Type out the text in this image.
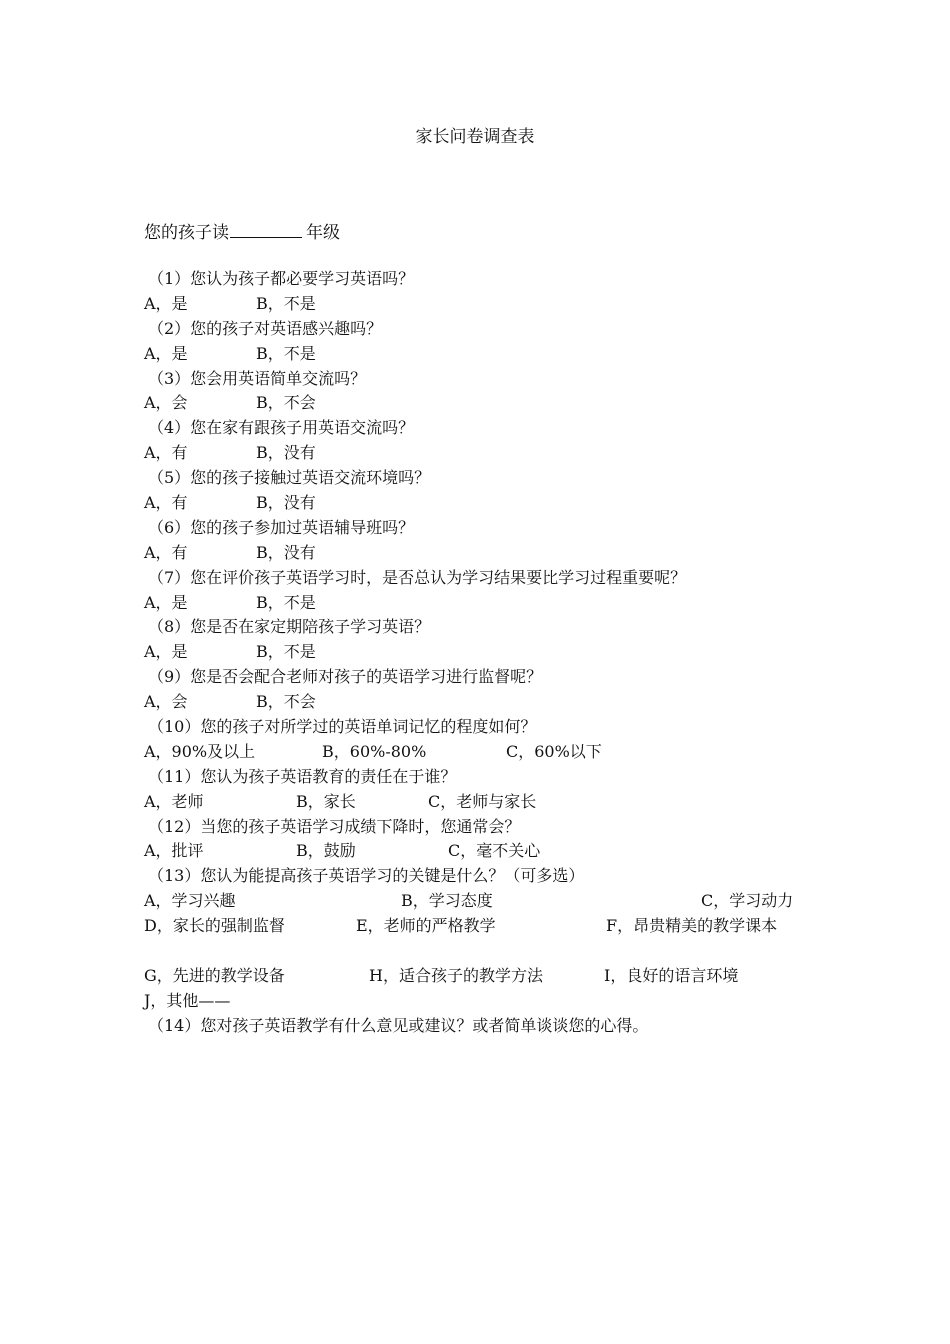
家长问卷调查表
您的孩子读	年级
（1）您认为孩子都必要学习英语吗？
A，是	B，不是
（2）您的孩子对英语感兴趣吗？
A，是	B，不是
（3）您会用英语简单交流吗？
A，会	B，不会
（4）您在家有跟孩子用英语交流吗？
A，有	B，没有
（5）您的孩子接触过英语交流环境吗？
A，有	B，没有
（6）您的孩子参加过英语辅导班吗？
A，有	B，没有
（7）您在评价孩子英语学习时，是否总认为学习结果要比学习过程重要呢？
A，是	B，不是
（8）您是否在家定期陪孩子学习英语？
A，是	B，不是
（9）您是否会配合老师对孩子的英语学习进行监督呢？
A，会	B，不会
（10）您的孩子对所学过的英语单词记忆的程度如何？
A，90%及以上	B，60%-80%	C，60%以下
（11）您认为孩子英语教育的责任在于谁？
A，老师	B，家长	C，老师与家长
（12）当您的孩子英语学习成绩下降时，您通常会？
A，批评	B，鼓励	C，毫不关心
（13）您认为能提高孩子英语学习的关键是什么？（可多选）
A，学习兴趣	B，学习态度	C，学习动力
D，家长的强制监督	E，老师的严格教学	F，昂贵精美的教学课本
G，先进的教学设备	H，适合孩子的教学方法	I，良好的语言环境
J，其他——
（14）您对孩子英语教学有什么意见或建议？或者简单谈谈您的心得。
